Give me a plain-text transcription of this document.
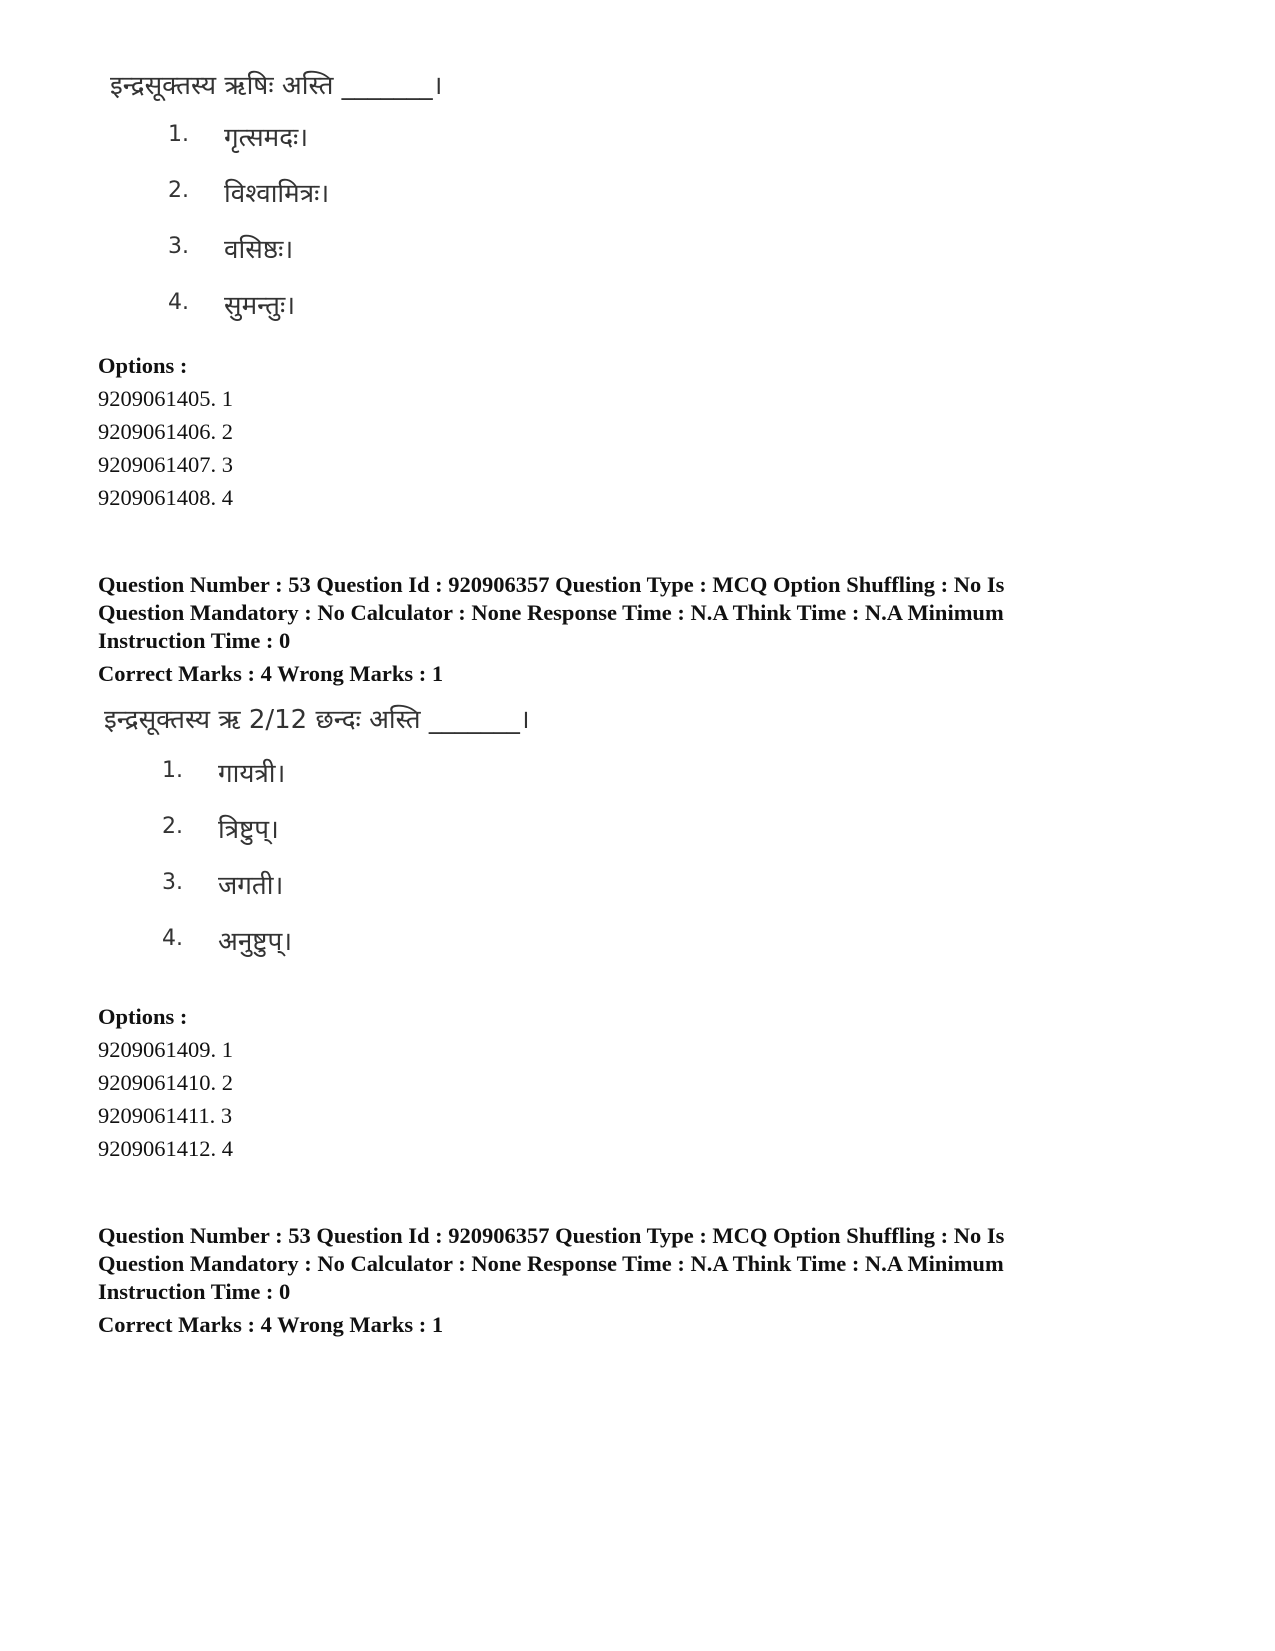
इन्द्रसूक्तस्य ऋषिः अस्ति _______।
1. गृत्समदः।
2. विश्वामित्रः।
3. वसिष्ठः।
4. सुमन्तुः।
Options :
9209061405. 1
9209061406. 2
9209061407. 3
9209061408. 4
Question Number : 53 Question Id : 920906357 Question Type : MCQ Option Shuffling : No Is
Question Mandatory : No Calculator : None Response Time : N.A Think Time : N.A Minimum
Instruction Time : 0
Correct Marks : 4 Wrong Marks : 1
इन्द्रसूक्तस्य ऋ 2/12 छन्दः अस्ति _______।
1. गायत्री।
2. त्रिष्टुप्।
3. जगती।
4. अनुष्टुप्।
Options :
9209061409. 1
9209061410. 2
9209061411. 3
9209061412. 4
Question Number : 53 Question Id : 920906357 Question Type : MCQ Option Shuffling : No Is
Question Mandatory : No Calculator : None Response Time : N.A Think Time : N.A Minimum
Instruction Time : 0
Correct Marks : 4 Wrong Marks : 1
